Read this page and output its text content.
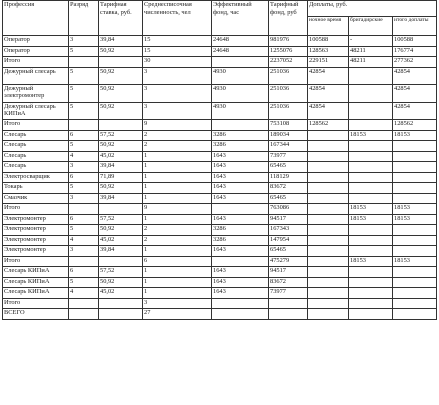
Профессия	Разряд	Тарифная ставка, руб.	Среднесписочная численность, чел	Эффективный фонд, час	Тарифный фонд, руб	Доплаты, руб.		
						ночное время	бригадирские	итого доплаты
Оператор	3	39,84	15	24648	981976	100588	-	100588
Оператор	5	50,92	15	24648	1255076	128563	48211	176774
Итого			30		2237052	229151	48211	277362
Дежурный слесарь	5	50,92	3	4930	251036	42854		42854
Дежурный электромонтер	5	50,92	3	4930	251036	42854		42854
Дежурный слесарь КИПиА	5	50,92	3	4930	251036	42854		42854
Итого			9		753108	128562		128562
Слесарь	6	57,52	2	3286	189034		18153	18153
Слесарь	5	50,92	2	3286	167344			
Слесарь	4	45,02	1	1643	73977			
Слесарь	3	39,84	1	1643	65465			
Электросварщик	6	71,89	1	1643	118129			
Токарь	5	50,92	1	1643	83672			
Смазчик	3	39,84	1	1643	65465			
Итого			9		763086		18153	18153
Электромонтер	6	57,52	1	1643	94517		18153	18153
Электромонтер	5	50,92	2	3286	167343			
Электромонтер	4	45,02	2	3286	147954			
Электромонтер	3	39,84	1	1643	65465			
Итого			6		475279		18153	18153
Слесарь КИПиА	6	57,52	1	1643	94517			
Слесарь КИПиА	5	50,92	1	1643	83672			
Слесарь КИПиА	4	45,02	1	1643	73977			
Итого			3					
ВСЕГО			27					
